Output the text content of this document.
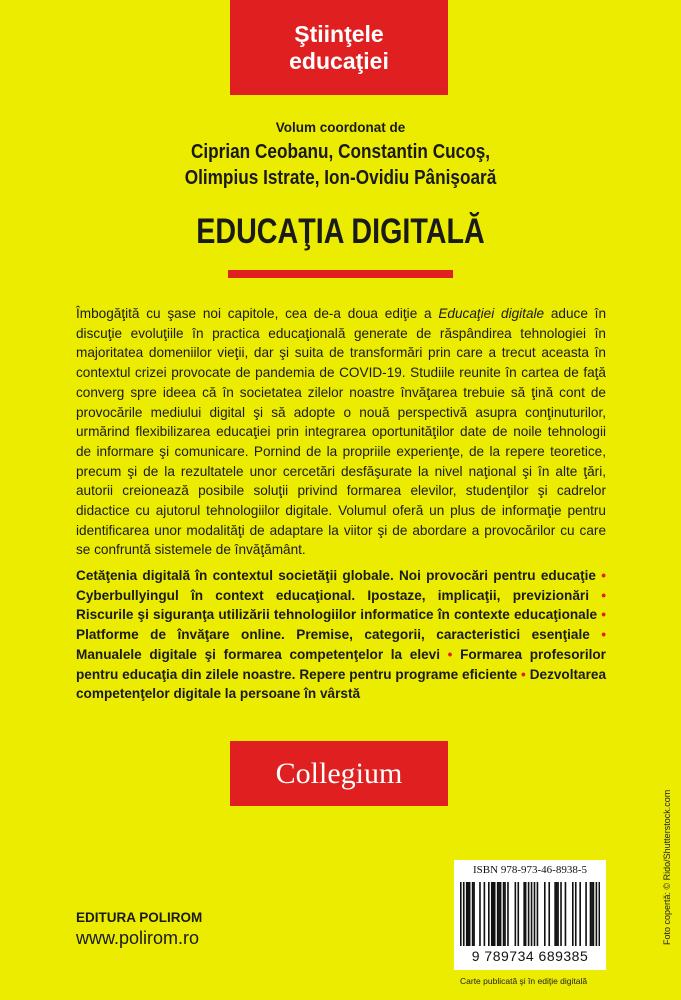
Ştiinţele
educaţiei
Volum coordonat de
Ciprian Ceobanu, Constantin Cucoş,
Olimpius Istrate, Ion-Ovidiu Pânişoară
EDUCAŢIA DIGITALĂ

Îmbogăţită cu şase noi capitole, cea de-a doua ediţie a Educaţiei digitale aduce în discuţie evoluţiile în practica educaţională generate de răspândirea tehnologiei în majoritatea domeniilor vieţii, dar şi suita de transformări prin care a trecut aceasta în contextul crizei provocate de pandemia de COVID-19. Studiile reunite în cartea de faţă converg spre ideea că în societatea zilelor noastre învăţarea trebuie să ţină cont de provocările mediului digital şi să adopte o nouă perspectivă asupra conţinuturilor, urmărind flexibilizarea educaţiei prin integrarea oportunităţilor date de noile tehnologii de informare şi comunicare. Pornind de la propriile experienţe, de la repere teoretice, precum şi de la rezultatele unor cercetări desfăşurate la nivel naţional şi în alte ţări, autorii creionează posibile soluţii privind formarea elevilor, studenţilor şi cadrelor didactice cu ajutorul tehnologiilor digitale. Volumul oferă un plus de informaţie pentru identificarea unor modalităţi de adaptare la viitor şi de abordare a provocărilor cu care se confruntă sistemele de învăţământ.

Cetăţenia digitală în contextul societăţii globale. Noi provocări pentru educaţie • Cyberbullyingul în context educaţional. Ipostaze, implicaţii, previzionări • Riscurile şi siguranţa utilizării tehnologiilor informatice în contexte educaţionale • Platforme de învăţare online. Premise, categorii, caracteristici esenţiale • Manualele digitale şi formarea competenţelor la elevi • Formarea profesorilor pentru educaţia din zilele noastre. Repere pentru programe eficiente • Dezvoltarea competenţelor digitale la persoane în vârstă

Collegium
Foto copertă: © Rido/Shutterstock.com
EDITURA POLIROM
www.polirom.ro
ISBN 978-973-46-8938-5
9 789734 689385
Carte publicată şi în ediţie digitală
